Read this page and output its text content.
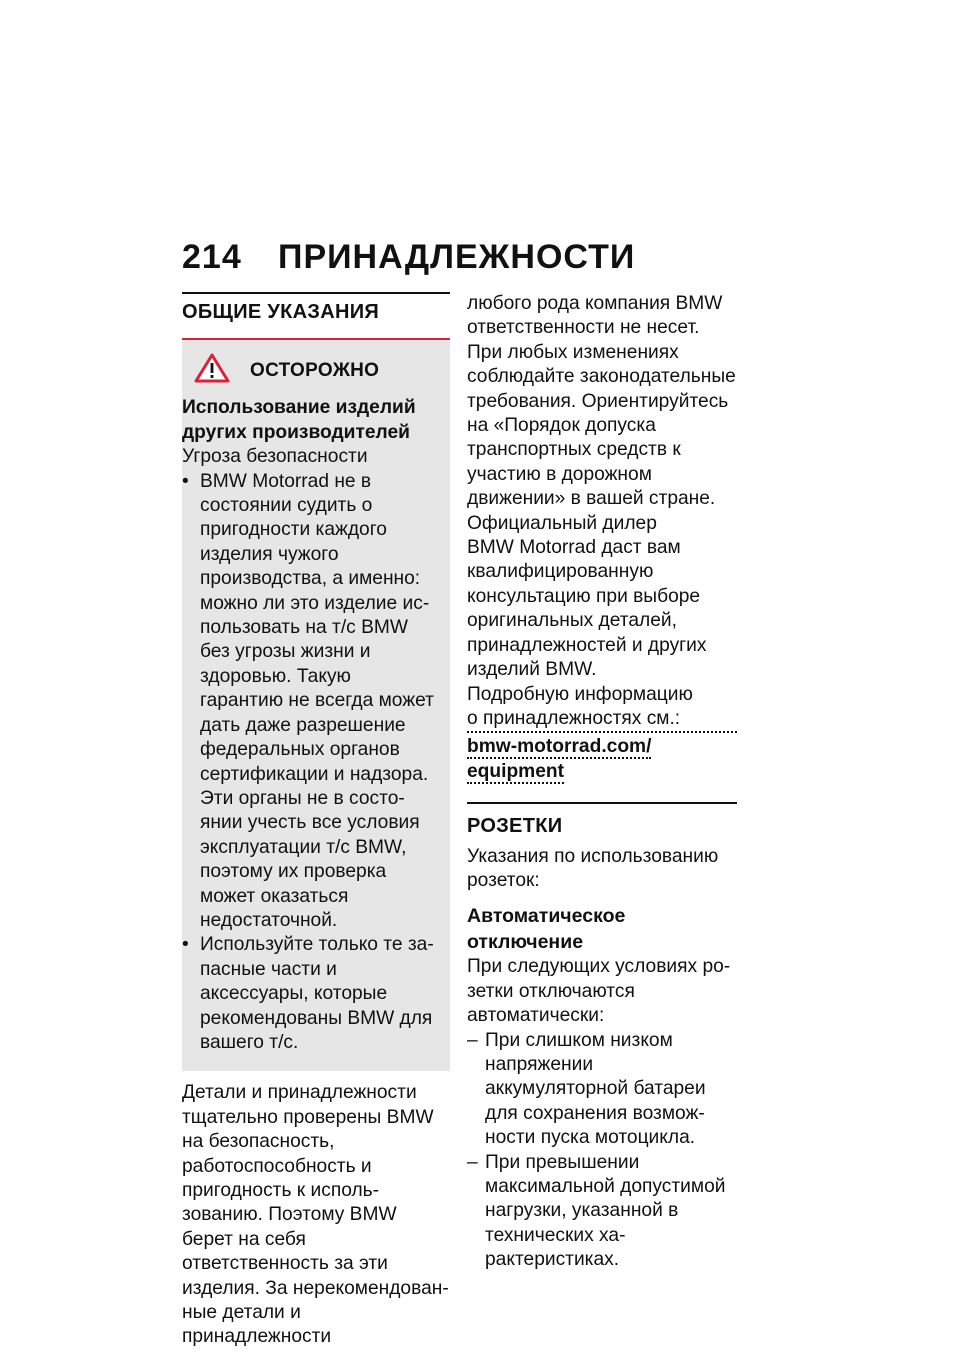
214 ПРИНАДЛЕЖНОСТИ
ОБЩИЕ УКАЗАНИЯ
ОСТОРОЖНО
Использование изделий других производителей
Угроза безопасности
• BMW Motorrad не в состоянии судить о пригодности каждого изделия чужого производства, а именно: можно ли это изделие использовать на т/с BMW без угрозы жизни и здоровью. Такую гарантию не всегда может дать даже разрешение федеральных органов сертификации и надзора. Эти органы не в состоянии учесть все условия эксплуатации т/с BMW, поэтому их проверка может оказаться недостаточной.
• Используйте только те запасные части и аксессуары, которые рекомендованы BMW для вашего т/с.
Детали и принадлежности тщательно проверены BMW на безопасность, работоспособность и пригодность к использованию. Поэтому BMW берет на себя ответственность за эти изделия. За нерекомендованные детали и принадлежности
любого рода компания BMW ответственности не несет.
При любых изменениях соблюдайте законодательные требования. Ориентируйтесь на «Порядок допуска транспортных средств к участию в дорожном движении» в вашей стране.
Официальный дилер
BMW Motorrad даст вам квалифицированную консультацию при выборе оригинальных деталей, принадлежностей и других изделий BMW.
Подробную информацию
о принадлежностях см.:
bmw-motorrad.com/
equipment
РОЗЕТКИ
Указания по использованию розеток:
Автоматическое отключение
При следующих условиях розетки отключаются автоматически:
– При слишком низком напряжении аккумуляторной батареи для сохранения возможности пуска мотоцикла.
– При превышении максимальной допустимой нагрузки, указанной в технических характеристиках.
